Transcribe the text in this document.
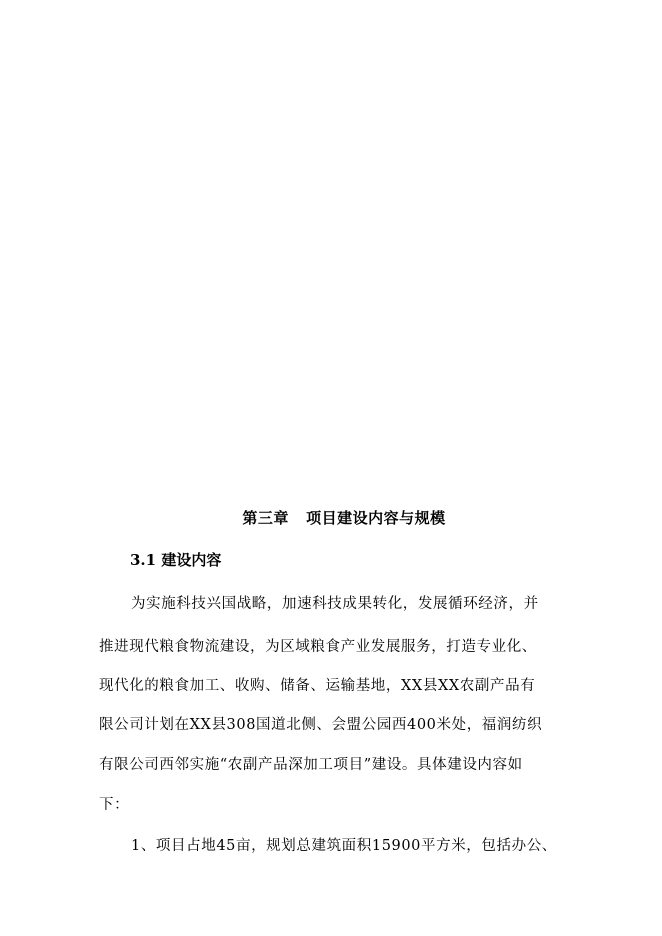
第三章   项目建设内容与规模
3.1 建设内容
为实施科技兴国战略，加速科技成果转化，发展循环经济，并
推进现代粮食物流建设，为区域粮食产业发展服务，打造专业化、
现代化的粮食加工、收购、储备、运输基地，XX县XX农副产品有
限公司计划在XX县308国道北侧、会盟公园西400米处，福润纺织
有限公司西邻实施“农副产品深加工项目”建设。具体建设内容如
下：
1、项目占地45亩，规划总建筑面积15900平方米，包括办公、
